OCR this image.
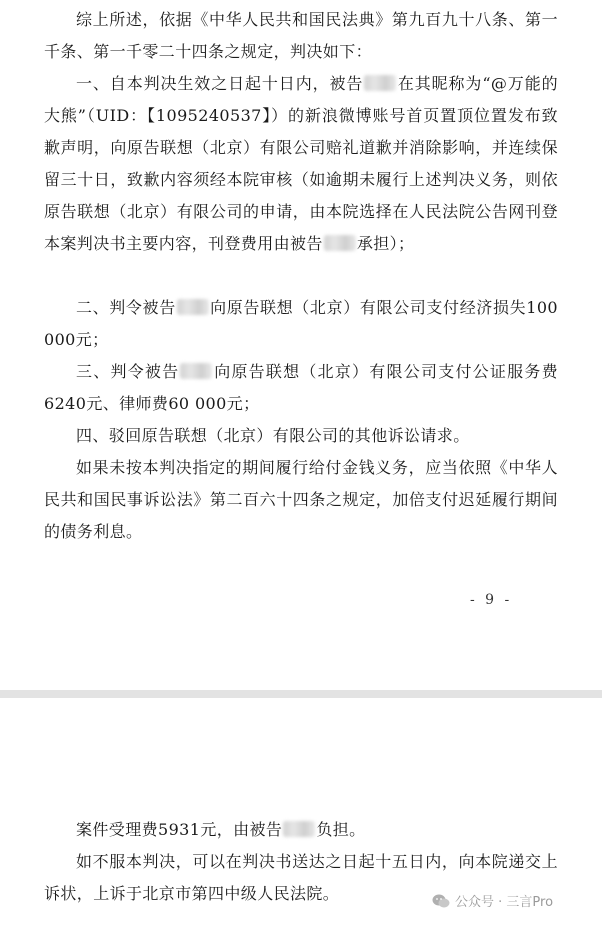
综上所述，依据《中华人民共和国民法典》第九百九十八条、第一千条、第一千零二十四条之规定，判决如下：

一、自本判决生效之日起十日内，被告 在其昵称为“@万能的大熊”（UID：【1095240537】）的新浪微博账号首页置顶位置发布致歉声明，向原告联想（北京）有限公司赔礼道歉并消除影响，并连续保留三十日，致歉内容须经本院审核（如逾期未履行上述判决义务，则依原告联想（北京）有限公司的申请，由本院选择在人民法院公告网刊登本案判决书主要内容，刊登费用由被告 承担）；

二、判令被告 向原告联想（北京）有限公司支付经济损失100 000元；

三、判令被告 向原告联想（北京）有限公司支付公证服务费6240元、律师费60 000元；

四、驳回原告联想（北京）有限公司的其他诉讼请求。

如果未按本判决指定的期间履行给付金钱义务，应当依照《中华人民共和国民事诉讼法》第二百六十四条之规定，加倍支付迟延履行期间的债务利息。

- 9 -

案件受理费5931元，由被告 负担。

如不服本判决，可以在判决书送达之日起十五日内，向本院递交上诉状，上诉于北京市第四中级人民法院。	公众号 · 三言Pro
